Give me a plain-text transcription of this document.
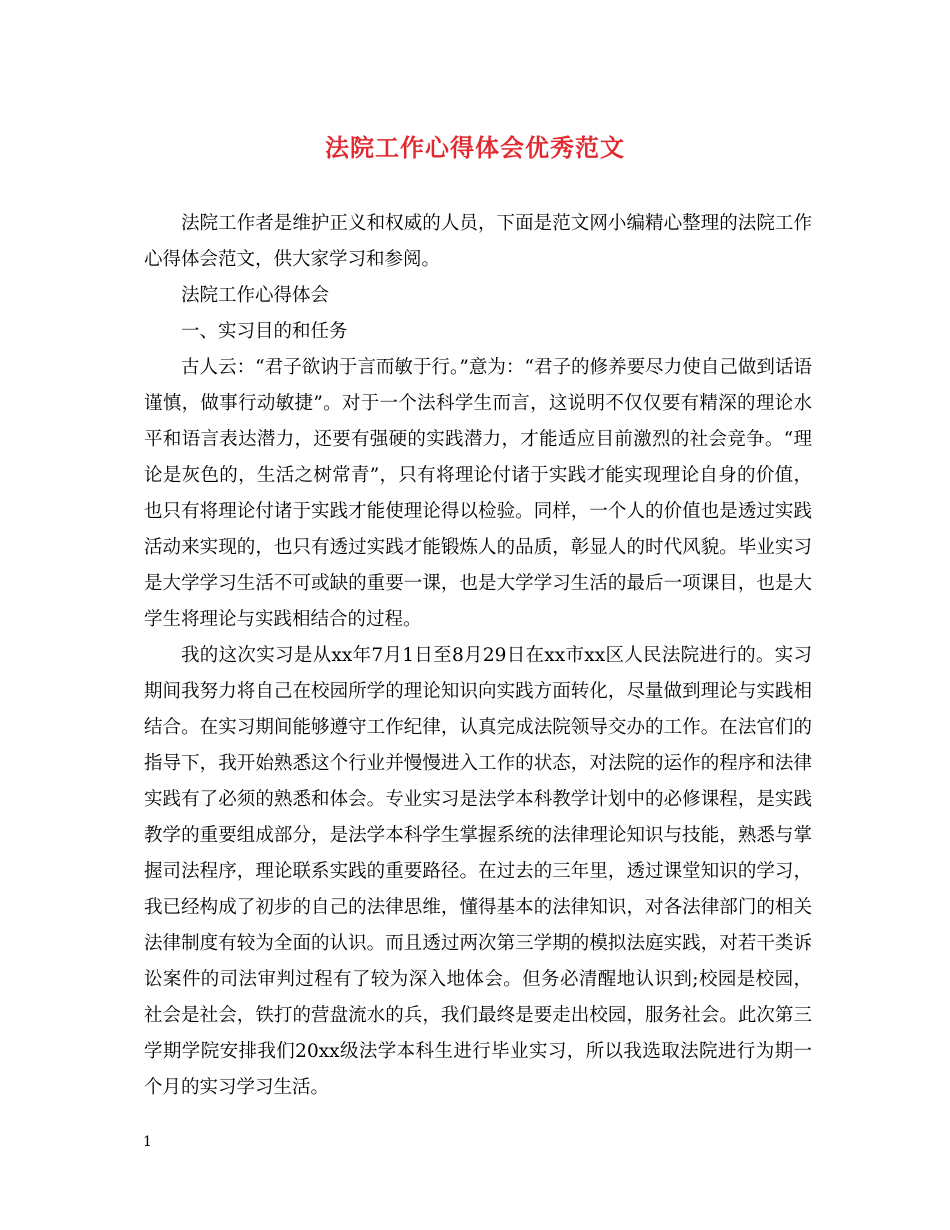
法院工作心得体会优秀范文

法院工作者是维护正义和权威的人员，下面是范文网小编精心整理的法院工作心得体会范文，供大家学习和参阅。

法院工作心得体会

一、实习目的和任务

古人云：“君子欲讷于言而敏于行。”意为：“君子的修养要尽力使自己做到话语谨慎，做事行动敏捷”。对于一个法科学生而言，这说明不仅仅要有精深的理论水平和语言表达潜力，还要有强硬的实践潜力，才能适应目前激烈的社会竞争。“理论是灰色的，生活之树常青”，只有将理论付诸于实践才能实现理论自身的价值，也只有将理论付诸于实践才能使理论得以检验。同样，一个人的价值也是透过实践活动来实现的，也只有透过实践才能锻炼人的品质，彰显人的时代风貌。毕业实习是大学学习生活不可或缺的重要一课，也是大学学习生活的最后一项课目，也是大学生将理论与实践相结合的过程。

我的这次实习是从xx年7月1日至8月29日在xx市xx区人民法院进行的。实习期间我努力将自己在校园所学的理论知识向实践方面转化，尽量做到理论与实践相结合。在实习期间能够遵守工作纪律，认真完成法院领导交办的工作。在法官们的指导下，我开始熟悉这个行业并慢慢进入工作的状态，对法院的运作的程序和法律实践有了必须的熟悉和体会。专业实习是法学本科教学计划中的必修课程，是实践教学的重要组成部分，是法学本科学生掌握系统的法律理论知识与技能，熟悉与掌握司法程序，理论联系实践的重要路径。在过去的三年里，透过课堂知识的学习，我已经构成了初步的自己的法律思维，懂得基本的法律知识，对各法律部门的相关法律制度有较为全面的认识。而且透过两次第三学期的模拟法庭实践，对若干类诉讼案件的司法审判过程有了较为深入地体会。但务必清醒地认识到;校园是校园，社会是社会，铁打的营盘流水的兵，我们最终是要走出校园，服务社会。此次第三学期学院安排我们20xx级法学本科生进行毕业实习，所以我选取法院进行为期一个月的实习学习生活。

1
